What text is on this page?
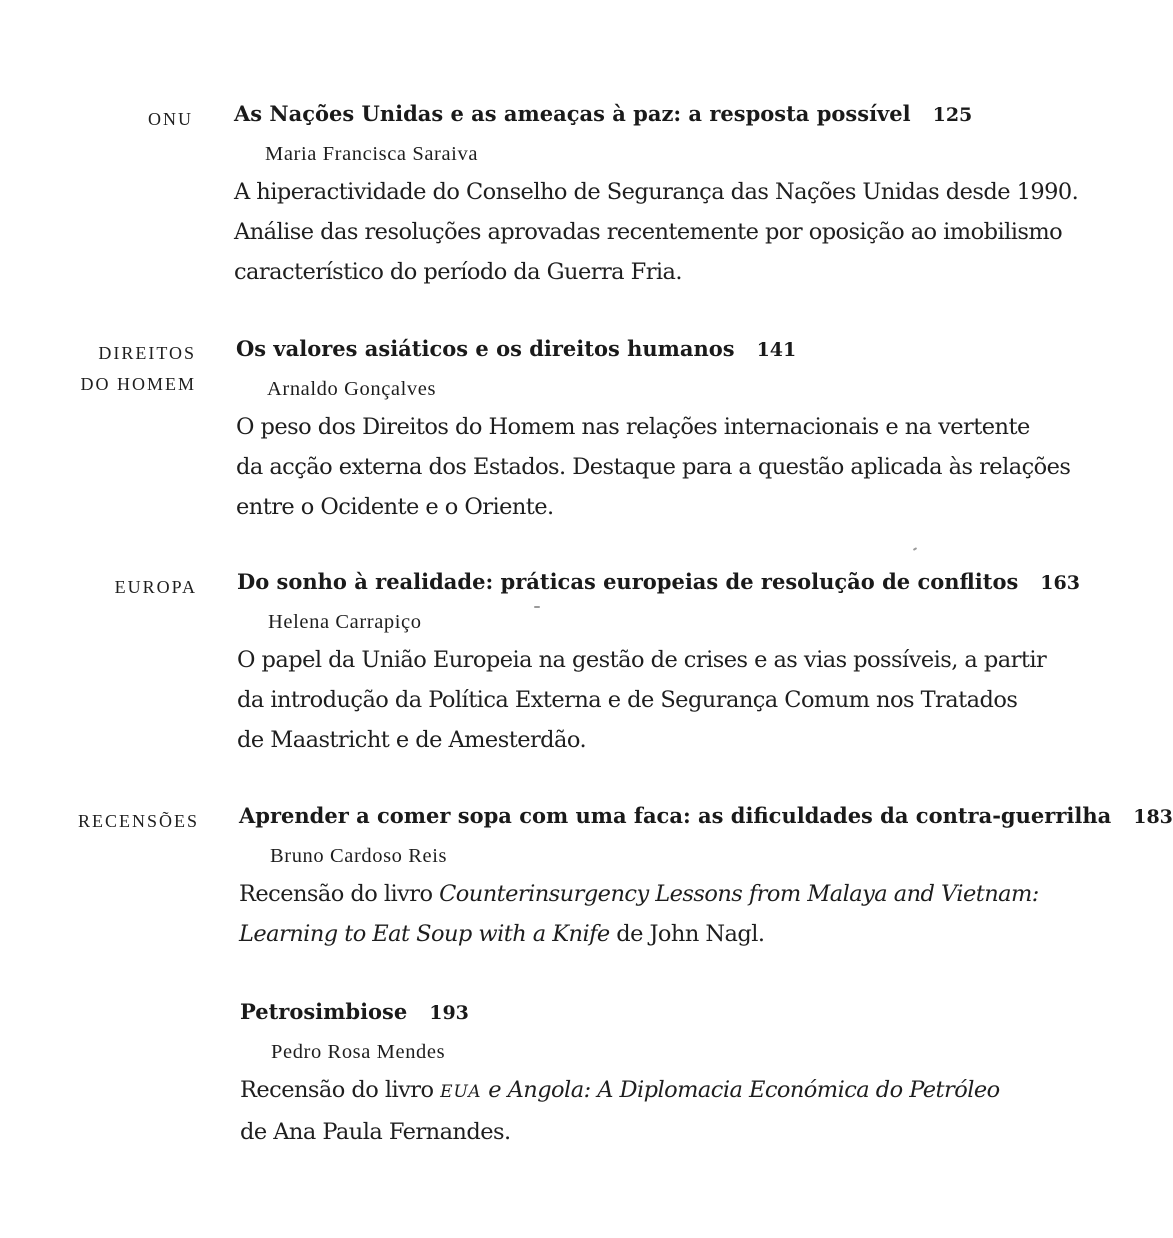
ONU As Nações Unidas e as ameaças à paz: a resposta possível 125
Maria Francisca Saraiva
A hiperactividade do Conselho de Segurança das Nações Unidas desde 1990.
Análise das resoluções aprovadas recentemente por oposição ao imobilismo
característico do período da Guerra Fria.
DIREITOS
DO HOMEM
Os valores asiáticos e os direitos humanos 141
Arnaldo Gonçalves
O peso dos Direitos do Homem nas relações internacionais e na vertente
da acção externa dos Estados. Destaque para a questão aplicada às relações
entre o Ocidente e o Oriente.
EUROPA Do sonho à realidade: práticas europeias de resolução de conflitos 163
Helena Carrapiço
O papel da União Europeia na gestão de crises e as vias possíveis, a partir
da introdução da Política Externa e de Segurança Comum nos Tratados
de Maastricht e de Amesterdão.
RECENSÕES Aprender a comer sopa com uma faca: as dificuldades da contra-guerrilha 183
Bruno Cardoso Reis
Recensão do livro Counterinsurgency Lessons from Malaya and Vietnam:
Learning to Eat Soup with a Knife de John Nagl.
Petrosimbiose 193
Pedro Rosa Mendes
Recensão do livro EUA e Angola: A Diplomacia Económica do Petróleo
de Ana Paula Fernandes.
